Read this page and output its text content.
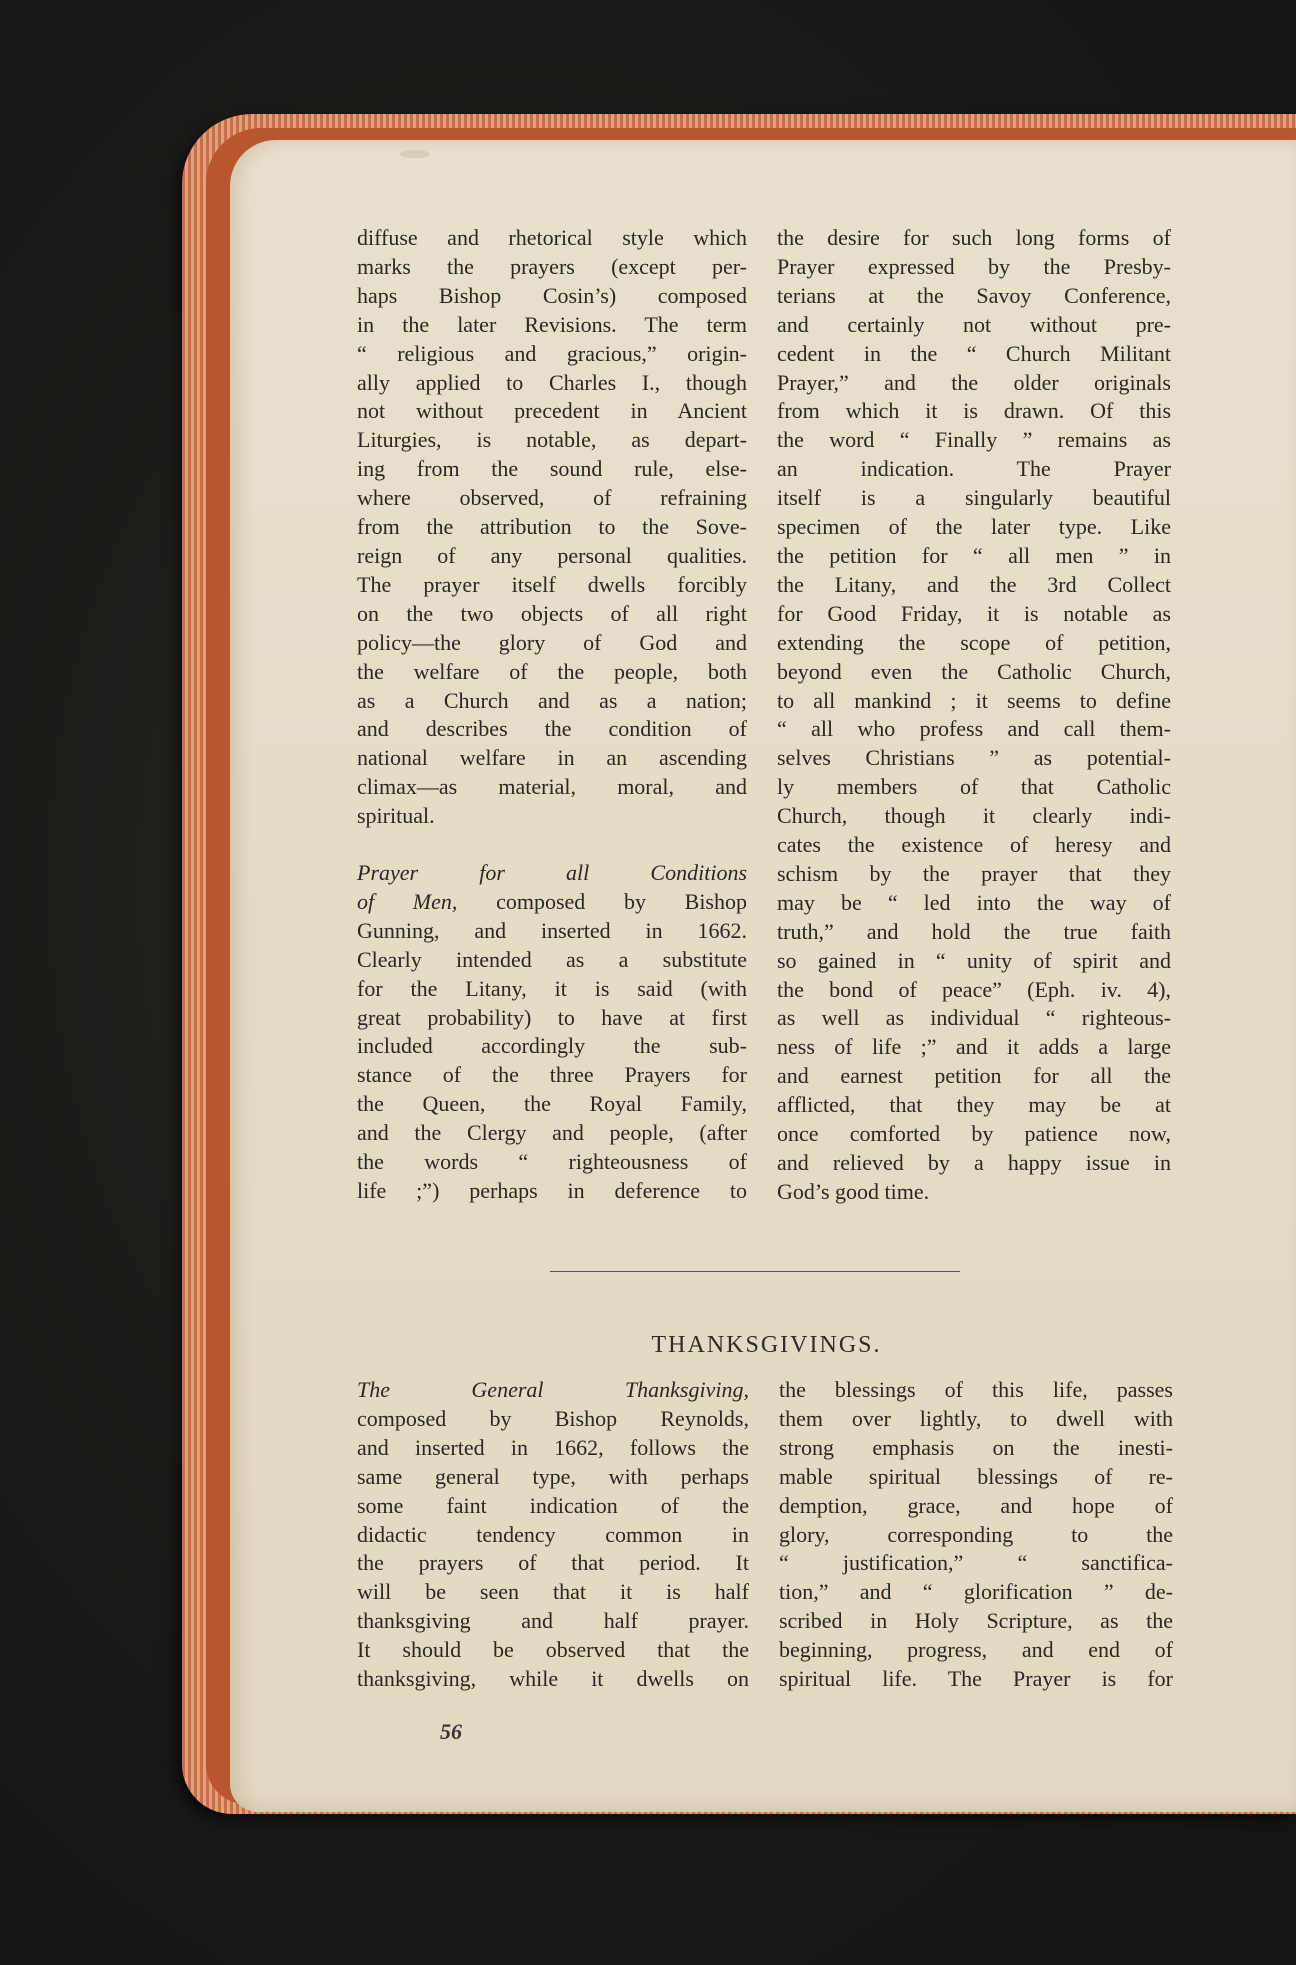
diffuse and rhetorical style which

marks the prayers (except per-

haps Bishop Cosin’s) composed

in the later Revisions. The term

“ religious and gracious,” origin-

ally applied to Charles I., though

not without precedent in Ancient

Liturgies, is notable, as depart-

ing from the sound rule, else-

where observed, of refraining

from the attribution to the Sove-

reign of any personal qualities.

The prayer itself dwells forcibly

on the two objects of all right

policy—the glory of God and

the welfare of the people, both

as a Church and as a nation;

and describes the condition of

national welfare in an ascending

climax—as material, moral, and

spiritual.

Prayer for all Conditions

of Men, composed by Bishop

Gunning, and inserted in 1662.

Clearly intended as a substitute

for the Litany, it is said (with

great probability) to have at first

included accordingly the sub-

stance of the three Prayers for

the Queen, the Royal Family,

and the Clergy and people, (after

the words “ righteousness of

life ;”) perhaps in deference to

the desire for such long forms of

Prayer expressed by the Presby-

terians at the Savoy Conference,

and certainly not without pre-

cedent in the “ Church Militant

Prayer,” and the older originals

from which it is drawn. Of this

the word “ Finally ” remains as

an indication. The Prayer

itself is a singularly beautiful

specimen of the later type. Like

the petition for “ all men ” in

the Litany, and the 3rd Collect

for Good Friday, it is notable as

extending the scope of petition,

beyond even the Catholic Church,

to all mankind ; it seems to define

“ all who profess and call them-

selves Christians ” as potential-

ly members of that Catholic

Church, though it clearly indi-

cates the existence of heresy and

schism by the prayer that they

may be “ led into the way of

truth,” and hold the true faith

so gained in “ unity of spirit and

the bond of peace” (Eph. iv. 4),

as well as individual “ righteous-

ness of life ;” and it adds a large

and earnest petition for all the

afflicted, that they may be at

once comforted by patience now,

and relieved by a happy issue in

God’s good time.

THANKSGIVINGS.

The General Thanksgiving,

composed by Bishop Reynolds,

and inserted in 1662, follows the

same general type, with perhaps

some faint indication of the

didactic tendency common in

the prayers of that period. It

will be seen that it is half

thanksgiving and half prayer.

It should be observed that the

thanksgiving, while it dwells on

the blessings of this life, passes

them over lightly, to dwell with

strong emphasis on the inesti-

mable spiritual blessings of re-

demption, grace, and hope of

glory, corresponding to the

“ justification,” “ sanctifica-

tion,” and “ glorification ” de-

scribed in Holy Scripture, as the

beginning, progress, and end of

spiritual life. The Prayer is for

56
